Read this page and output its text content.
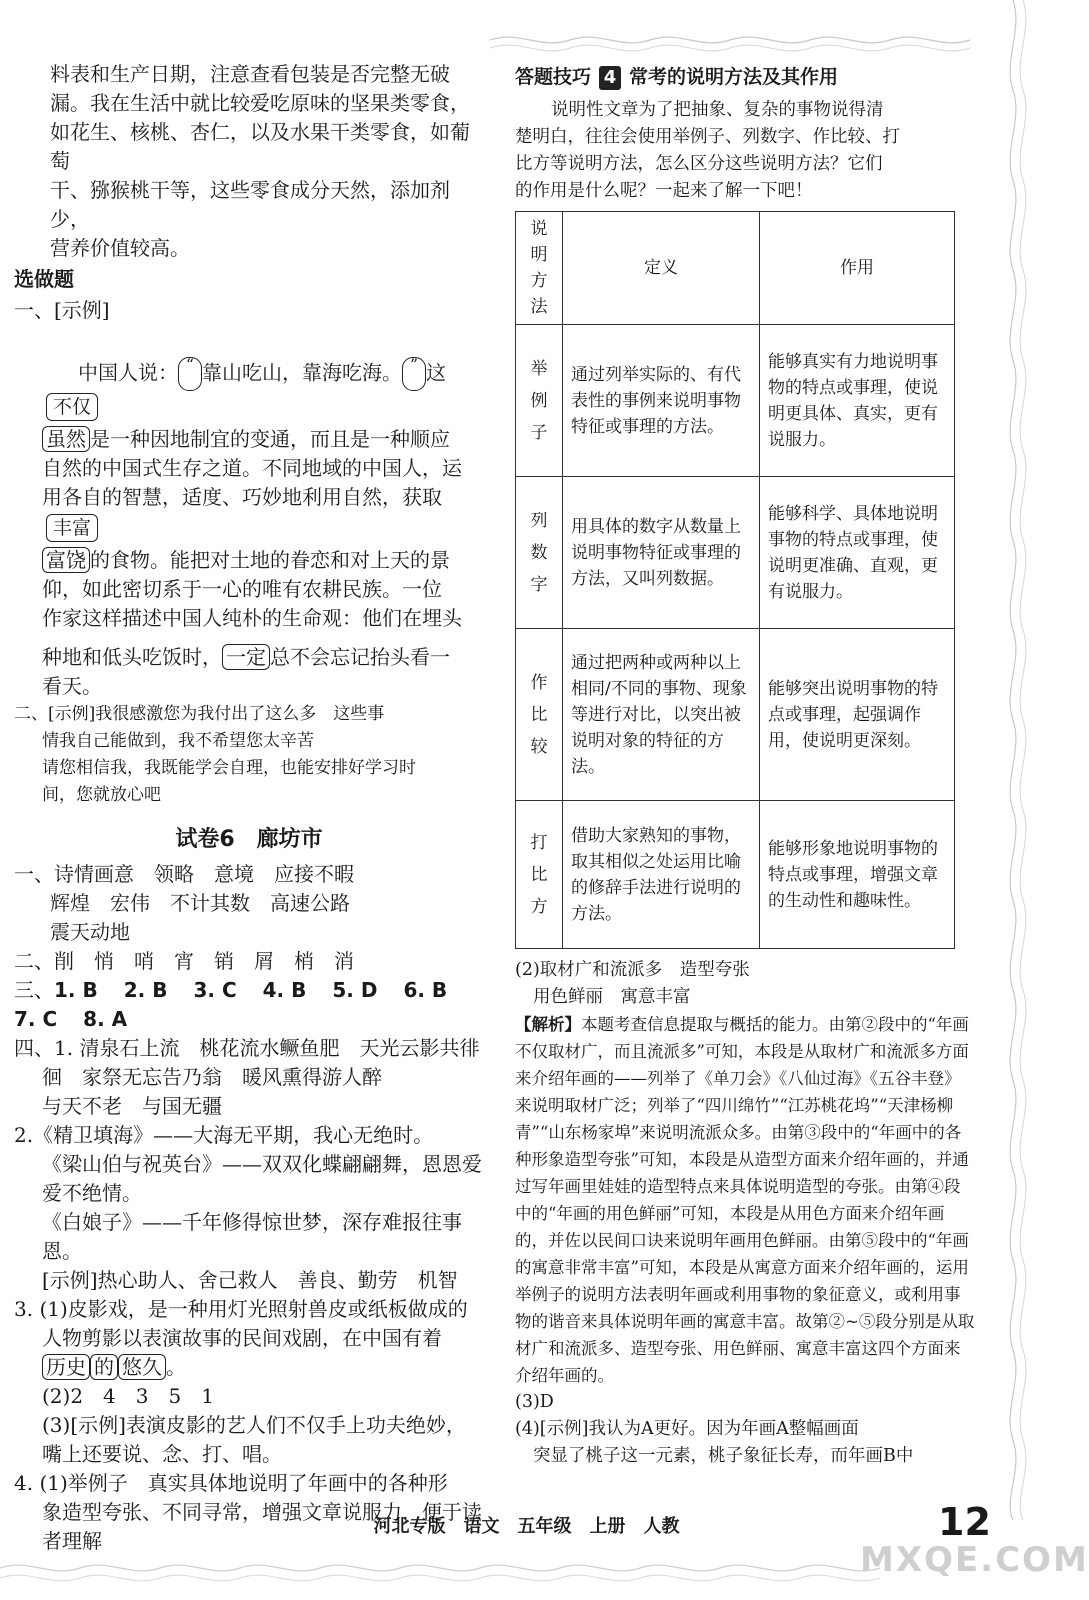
料表和生产日期，注意查看包装是否完整无破

漏。我在生活中就比较爱吃原味的坚果类零食，

如花生、核桃、杏仁，以及水果干类零食，如葡萄

干、猕猴桃干等，这些零食成分天然，添加剂少，

营养价值较高。

选做题

一、[示例]

中国人说： “ 靠山吃山，靠海吃海。 ” 这

不仅
虽然 是一种因地制宜的变通，而且是一种顺应

自然的中国式生存之道。不同地域的中国人，运

用各自的智慧，适度、巧妙地利用自然，获取

丰富
富饶 的食物。能把对土地的眷恋和对上天的景

仰，如此密切系于一心的唯有农耕民族。一位

作家这样描述中国人纯朴的生命观：他们在埋头

种地和低头吃饭时， 一定 总不会忘记抬头看一

看天。

二、[示例]我很感激您为我付出了这么多　这些事

情我自己能做到，我不希望您太辛苦

请您相信我，我既能学会自理，也能安排好学习时

间，您就放心吧

试卷6　廊坊市

一、诗情画意　领略　意境　应接不暇

辉煌　宏伟　不计其数　高速公路

震天动地

二、削　悄　哨　宵　销　屑　梢　消

三、 1. B 2. B 3. C 4. B 5. D 6. B
7. C 8. A

四、1. 清泉石上流　桃花流水鳜鱼肥　天光云影共徘

徊　家祭无忘告乃翁　暖风熏得游人醉

与天不老　与国无疆

2.《精卫填海》——大海无平期，我心无绝时。

《梁山伯与祝英台》——双双化蝶翩翩舞，恩恩爱

爱不绝情。

《白娘子》——千年修得惊世梦，深存难报往事恩。

[示例]热心助人、舍己救人　善良、勤劳　机智

3. (1)皮影戏，是一种用灯光照射兽皮或纸板做成的

人物剪影以表演故事的民间戏剧，在中国有着

历史 的 悠久 。

(2)2　4　3　5　1

(3)[示例]表演皮影的艺人们不仅手上功夫绝妙，

嘴上还要说、念、打、唱。

4. (1)举例子　真实具体地说明了年画中的各种形

象造型夸张、不同寻常，增强文章说服力，便于读

者理解

答题技巧 4 常考的说明方法及其作用

说明性文章为了把抽象、复杂的事物说得清

楚明白，往往会使用举例子、列数字、作比较、打

比方等说明方法，怎么区分这些说明方法？它们

的作用是什么呢？一起来了解一下吧！

说明方法	定义	作用
举例子	通过列举实际的、有代表性的事例来说明事物特征或事理的方法。	能够真实有力地说明事物的特点或事理，使说明更具体、真实，更有说服力。
列数字	用具体的数字从数量上说明事物特征或事理的方法，又叫列数据。	能够科学、具体地说明事物的特点或事理，使说明更准确、直观，更有说服力。
作比较	通过把两种或两种以上相同/不同的事物、现象等进行对比，以突出被说明对象的特征的方法。	能够突出说明事物的特点或事理，起强调作用，使说明更深刻。
打比方	借助大家熟知的事物，取其相似之处运用比喻的修辞手法进行说明的方法。	能够形象地说明事物的特点或事理，增强文章的生动性和趣味性。

(2)取材广和流派多　造型夸张

用色鲜丽　寓意丰富

【解析】本题考查信息提取与概括的能力。由第②段中的“年画不仅取材广，而且流派多”可知，本段是从取材广和流派多方面来介绍年画的——列举了《单刀会》《八仙过海》《五谷丰登》来说明取材广泛；列举了“四川绵竹”“江苏桃花坞”“天津杨柳青”“山东杨家埠”来说明流派众多。由第③段中的“年画中的各种形象造型夸张”可知，本段是从造型方面来介绍年画的，并通过写年画里娃娃的造型特点来具体说明造型的夸张。由第④段中的“年画的用色鲜丽”可知，本段是从用色方面来介绍年画的，并佐以民间口诀来说明年画用色鲜丽。由第⑤段中的“年画的寓意非常丰富”可知，本段是从寓意方面来介绍年画的，运用举例子的说明方法表明年画或利用事物的象征意义，或利用事物的谐音来具体说明年画的寓意丰富。故第②~⑤段分别是从取材广和流派多、造型夸张、用色鲜丽、寓意丰富这四个方面来介绍年画的。

(3)D

(4)[示例]我认为A更好。因为年画A整幅画面

突显了桃子这一元素，桃子象征长寿，而年画B中

河北专版　语文　五年级　上册　人教	12
MXQE.COM
